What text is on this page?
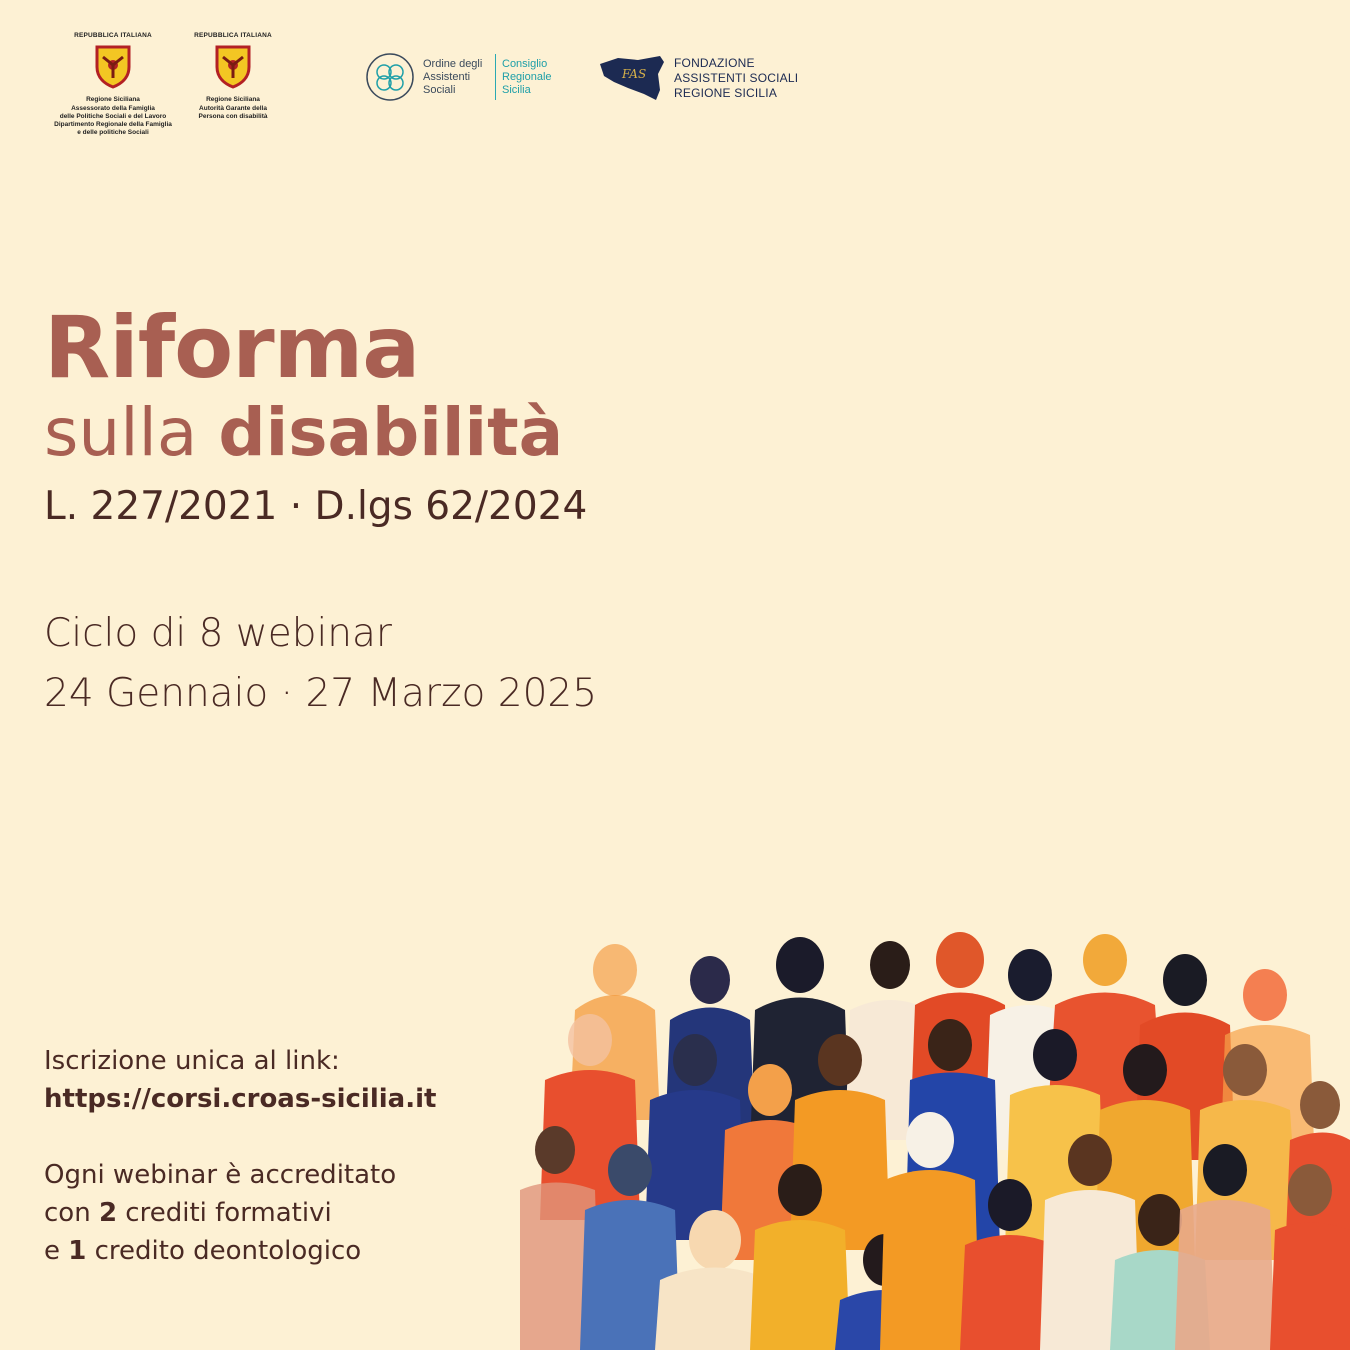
REPUBBLICA ITALIANA
Regione Siciliana
Assessorato della Famiglia
delle Politiche Sociali e del Lavoro
Dipartimento Regionale della Famiglia
e delle politiche Sociali
REPUBBLICA ITALIANA
Regione Siciliana
Autorità Garante della
Persona con disabilità
Ordine degli
Assistenti
Sociali
Consiglio
Regionale
Sicilia
FAS
FONDAZIONE
ASSISTENTI SOCIALI
REGIONE SICILIA
Riforma
sulla disabilità
L. 227/2021 · D.lgs 62/2024
Ciclo di 8 webinar
24 Gennaio · 27 Marzo 2025
Iscrizione unica al link:
https://corsi.croas-sicilia.it
Ogni webinar è accreditato
con 2 crediti formativi
e 1 credito deontologico
